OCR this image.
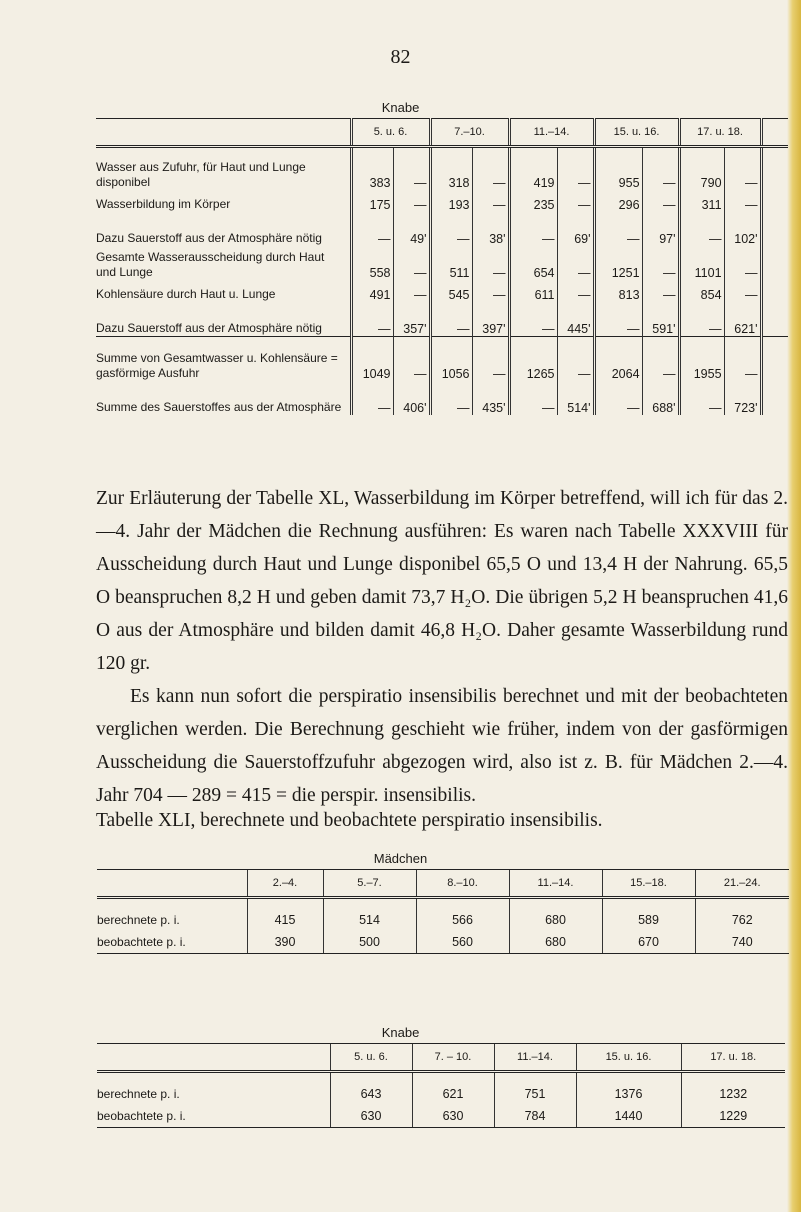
82
Knabe
	5. u. 6.		7.–10.		11.–14.		15. u. 16.		17. u. 18.		
Wasser aus Zufuhr, für Haut und Lunge disponibel	383	—	318	—	419	—	955	—	790	—	
Wasserbildung im Körper	175	—	193	—	235	—	296	—	311	—	
Dazu Sauerstoff aus der Atmosphäre nötig	—	49'	—	38'	—	69'	—	97'	—	102'	
Gesamte Wasserausscheidung durch Haut und Lunge	558	—	511	—	654	—	1251	—	1101	—	
Kohlensäure durch Haut u. Lunge	491	—	545	—	611	—	813	—	854	—	
Dazu Sauerstoff aus der Atmosphäre nötig	—	357'	—	397'	—	445'	—	591'	—	621'	
Summe von Gesamtwasser u. Kohlensäure = gasförmige Ausfuhr	1049	—	1056	—	1265	—	2064	—	1955	—	
Summe des Sauerstoffes aus der Atmosphäre	—	406'	—	435'	—	514'	—	688'	—	723'	

Zur Erläuterung der Tabelle XL, Wasserbildung im Körper betreffend, will ich für das 2.—4. Jahr der Mädchen die Rechnung ausführen: Es waren nach Tabelle XXXVIII für Ausscheidung durch Haut und Lunge disponibel 65,5 O und 13,4 H der Nahrung. 65,5 O beanspruchen 8,2 H und geben damit 73,7 H₂O. Die übrigen 5,2 H beanspruchen 41,6 O aus der Atmosphäre und bilden damit 46,8 H₂O. Daher gesamte Wasserbildung rund 120 gr.

Es kann nun sofort die perspiratio insensibilis berechnet und mit der beobachteten verglichen werden. Die Berechnung geschieht wie früher, indem von der gasförmigen Ausscheidung die Sauerstoffzufuhr abgezogen wird, also ist z. B. für Mädchen 2.—4. Jahr 704 — 289 = 415 = die perspir. insensibilis.

Tabelle XLI, berechnete und beobachtete perspiratio insensibilis.
Mädchen
	2.–4.	5.–7.	8.–10.	11.–14.	15.–18.	21.–24.
berechnete p. i.	415	514	566	680	589	762
beobachtete p. i.	390	500	560	680	670	740
Knabe
	5. u. 6.	7. – 10.	11.–14.	15. u. 16.	17. u. 18.
berechnete p. i.	643	621	751	1376	1232
beobachtete p. i.	630	630	784	1440	1229
